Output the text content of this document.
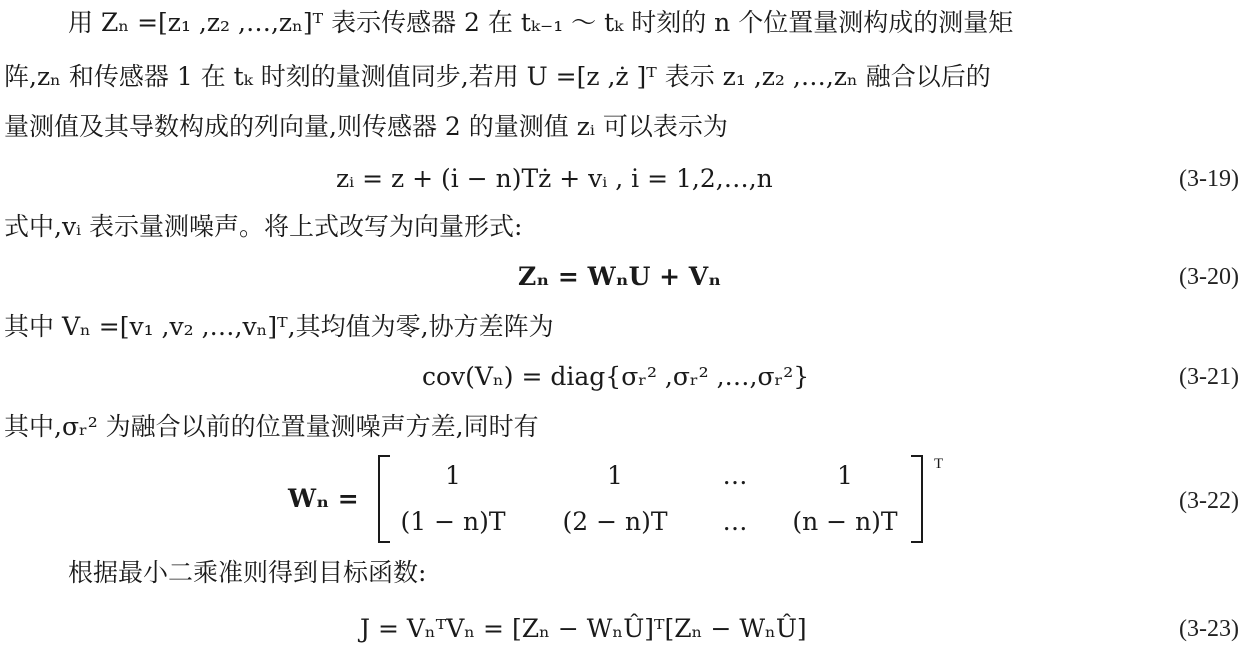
用 Zₙ =[z₁ ,z₂ ,…,zₙ]ᵀ 表示传感器 2 在 tₖ₋₁ ～ tₖ 时刻的 n 个位置量测构成的测量矩
阵,zₙ 和传感器 1 在 tₖ 时刻的量测值同步,若用 U =[z ,ż ]ᵀ 表示 z₁ ,z₂ ,…,zₙ 融合以后的
量测值及其导数构成的列向量,则传感器 2 的量测值 zᵢ 可以表示为
zᵢ = z + (i − n)Tż + vᵢ , i = 1,2,…,n	(3-19)
式中,vᵢ 表示量测噪声。将上式改写为向量形式:
Zₙ = WₙU + Vₙ	(3-20)
其中 Vₙ =[v₁ ,v₂ ,…,vₙ]ᵀ,其均值为零,协方差阵为
cov(Vₙ) = diag{σᵣ² ,σᵣ² ,…,σᵣ²}	(3-21)
其中,σᵣ² 为融合以前的位置量测噪声方差,同时有
Wₙ =
1	1	…	1
(1 − n)T	(2 − n)T	…	(n − n)T
T
(3-22)
根据最小二乘准则得到目标函数:
J = VₙᵀVₙ = [Zₙ − WₙÛ]ᵀ[Zₙ − WₙÛ]	(3-23)
